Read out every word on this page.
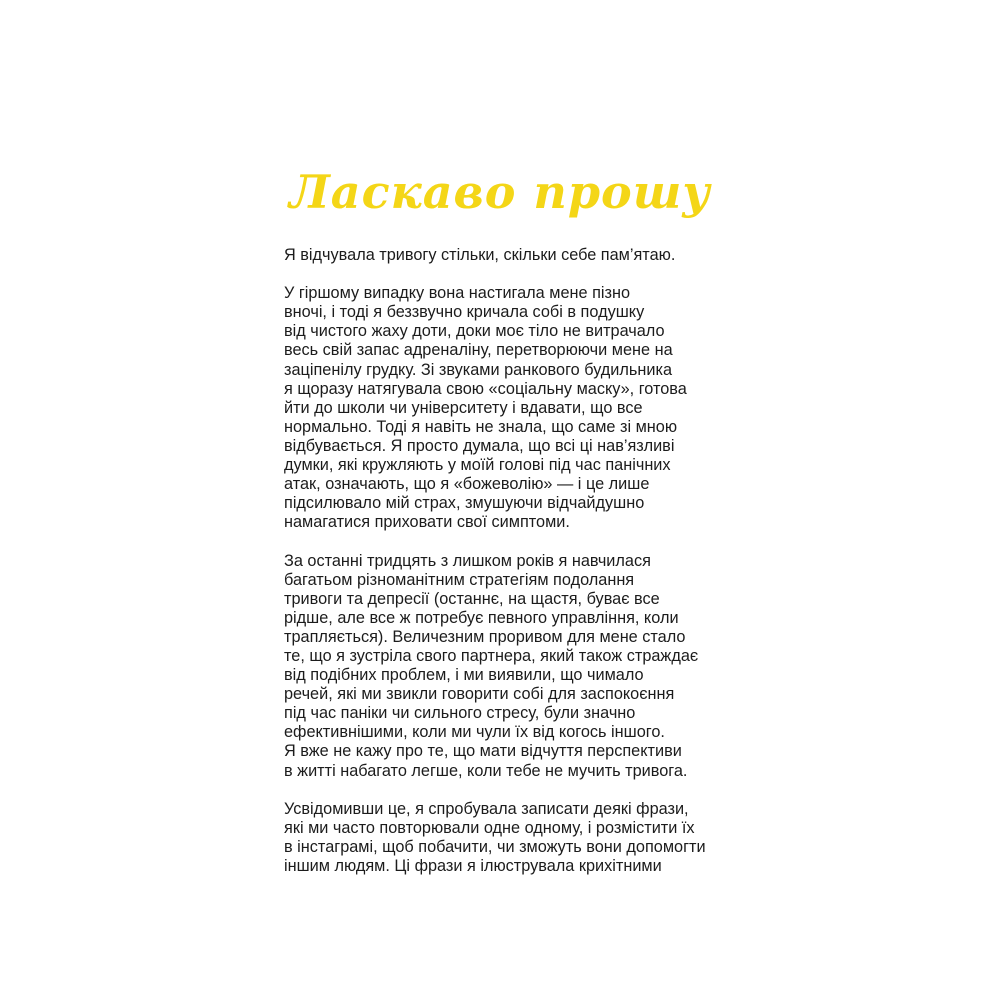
Ласкаво прошу

Я відчувала тривогу стільки, скільки себе пам’ятаю.

У гіршому випадку вона настигала мене пізно
вночі, і тоді я беззвучно кричала собі в подушку
від чистого жаху доти, доки моє тіло не витрачало
весь свій запас адреналіну, перетворюючи мене на
заціпенілу грудку. Зі звуками ранкового будильника
я щоразу натягувала свою «соціальну маску», готова
йти до школи чи університету і вдавати, що все
нормально. Тоді я навіть не знала, що саме зі мною
відбувається. Я просто думала, що всі ці нав’язливі
думки, які кружляють у моїй голові під час панічних
атак, означають, що я «божеволію» — і це лише
підсилювало мій страх, змушуючи відчайдушно
намагатися приховати свої симптоми.

За останні тридцять з лишком років я навчилася
багатьом різноманітним стратегіям подолання
тривоги та депресії (останнє, на щастя, буває все
рідше, але все ж потребує певного управління, коли
трапляється). Величезним проривом для мене стало
те, що я зустріла свого партнера, який також страждає
від подібних проблем, і ми виявили, що чимало
речей, які ми звикли говорити собі для заспокоєння
під час паніки чи сильного стресу, були значно
ефективнішими, коли ми чули їх від когось іншого.
Я вже не кажу про те, що мати відчуття перспективи
в житті набагато легше, коли тебе не мучить тривога.

Усвідомивши це, я спробувала записати деякі фрази,
які ми часто повторювали одне одному, і розмістити їх
в інстаграмі, щоб побачити, чи зможуть вони допомогти
іншим людям. Ці фрази я ілюструвала крихітними
